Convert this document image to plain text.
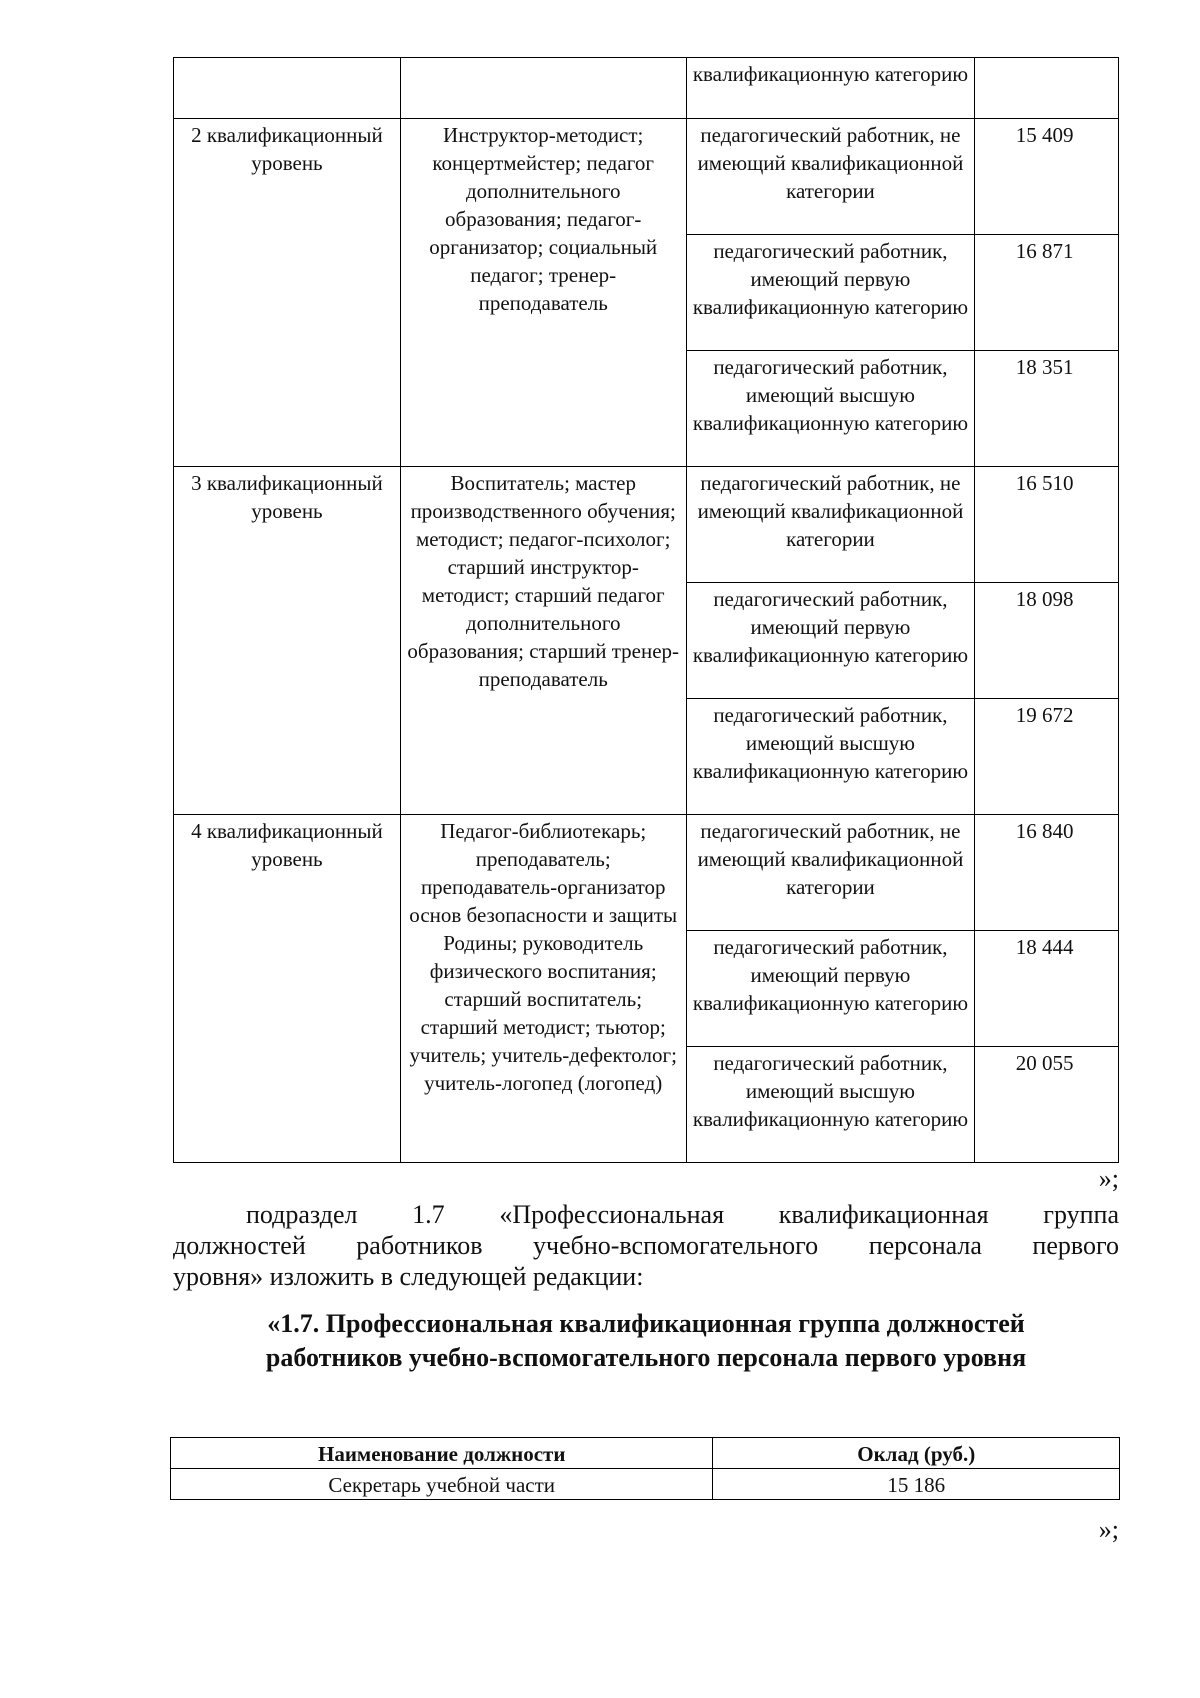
		квалификационную категорию	
2 квалификационный уровень	Инструктор-методист; концертмейстер; педагог дополнительного образования; педагог-организатор; социальный педагог; тренер-преподаватель	педагогический работник, не имеющий квалификационной категории	15 409
		педагогический работник, имеющий первую квалификационную категорию	16 871
		педагогический работник, имеющий высшую квалификационную категорию	18 351
3 квалификационный уровень	Воспитатель; мастер производственного обучения; методист; педагог-психолог; старший инструктор-методист; старший педагог дополнительного образования; старший тренер-преподаватель	педагогический работник, не имеющий квалификационной категории	16 510
		педагогический работник, имеющий первую квалификационную категорию	18 098
		педагогический работник, имеющий высшую квалификационную категорию	19 672
4 квалификационный уровень	Педагог-библиотекарь; преподаватель; преподаватель-организатор основ безопасности и защиты Родины; руководитель физического воспитания; старший воспитатель; старший методист; тьютор; учитель; учитель-дефектолог; учитель-логопед (логопед)	педагогический работник, не имеющий квалификационной категории	16 840
		педагогический работник, имеющий первую квалификационную категорию	18 444
		педагогический работник, имеющий высшую квалификационную категорию	20 055
»;
подраздел 1.7 «Профессиональная квалификационная группа
должностей работников учебно-вспомогательного персонала первого
уровня» изложить в следующей редакции:
«1.7. Профессиональная квалификационная группа должностей
работников учебно-вспомогательного персонала первого уровня
Наименование должности	Оклад (руб.)
Секретарь учебной части	15 186
»;
